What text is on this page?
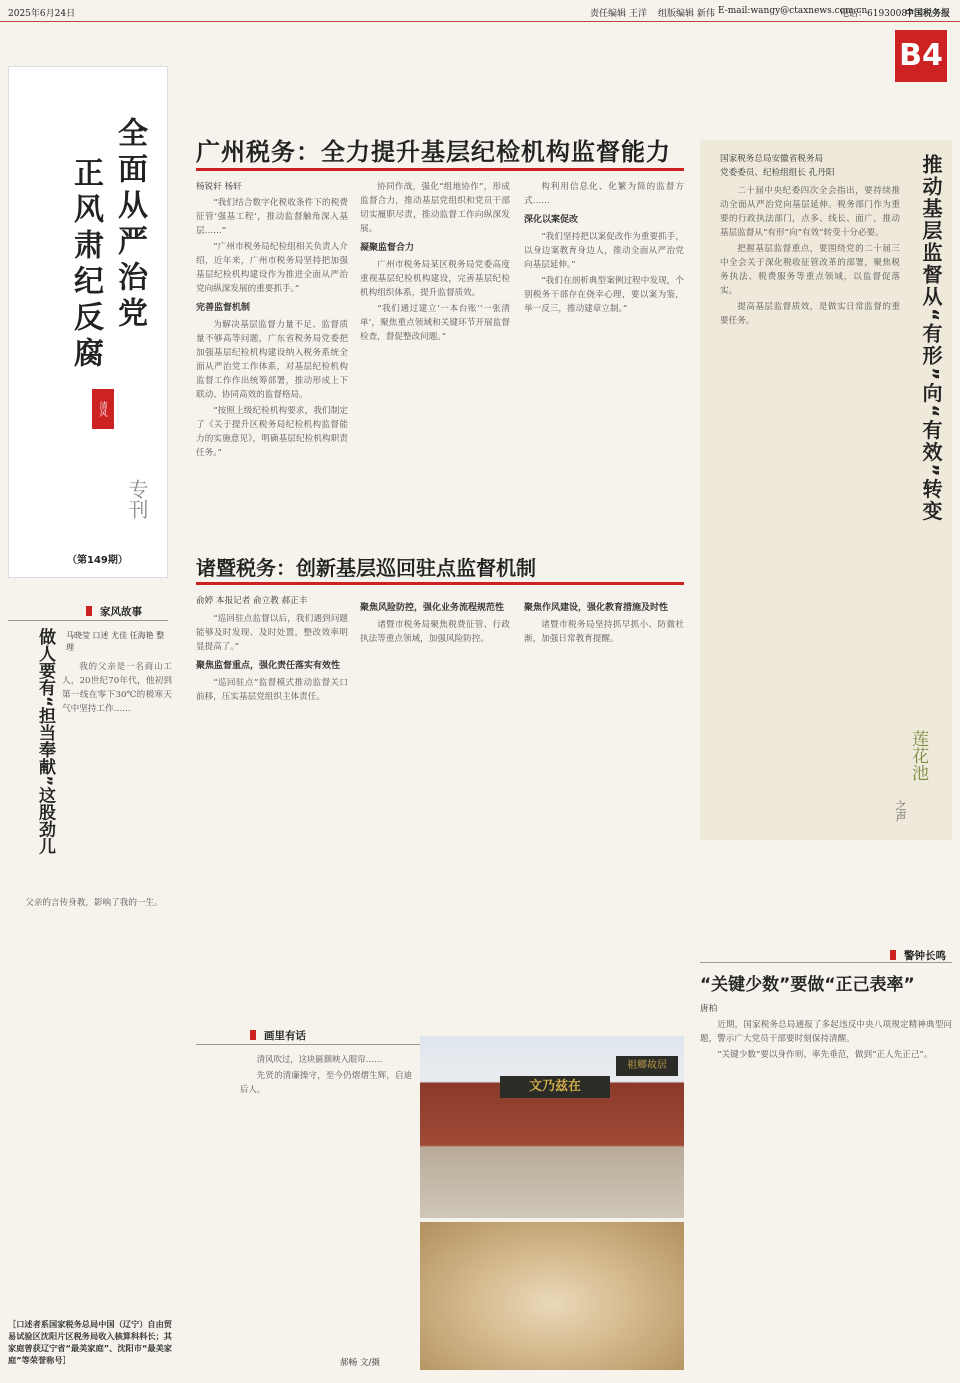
2025年6月24日	责任编辑 王洋 组版编辑 新伟 E-mail:wangy@ctaxnews.com.cn
电话：61930087
中国税务报
B4
全面从严治党
正风肃纪反腐
清风
专刊
（第149期）
广州税务：全力提升基层纪检机构监督能力
杨锐轩 杨轩

“我们结合数字化税收条件下的税费征管‘强基工程’，推动监督触角深入基层……”

“广州市税务局纪检组相关负责人介绍，近年来，广州市税务局坚持把加强基层纪检机构建设作为推进全面从严治党向纵深发展的重要抓手。”

完善监督机制

为解决基层监督力量不足、监督质量不够高等问题，广东省税务局党委把加强基层纪检机构建设纳入税务系统全面从严治党工作体系，对基层纪检机构监督工作作出统筹部署，推动形成上下联动、协同高效的监督格局。

“按照上级纪检机构要求，我们制定了《关于提升区税务局纪检机构监督能力的实施意见》，明确基层纪检机构职责任务。”

协同作战，强化“组地协作”，形成监督合力，推动基层党组织和党员干部切实履职尽责，推动监督工作向纵深发展。

凝聚监督合力

广州市税务局某区税务局党委高度重视基层纪检机构建设，完善基层纪检机构组织体系，提升监督质效。

“我们通过建立‘一本台账’‘一张清单’，聚焦重点领域和关键环节开展监督检查，督促整改问题。”

构利用信息化、化繁为简的监督方式……

深化以案促改

“我们坚持把以案促改作为重要抓手，以身边案教育身边人，推动全面从严治党向基层延伸。”

“我们在剖析典型案例过程中发现，个别税务干部存在侥幸心理，要以案为鉴，举一反三，推动建章立制。”

国家税务总局安徽省税务局
党委委员、纪检组组长 孔丹阳

二十届中央纪委四次全会指出，要持续推动全面从严治党向基层延伸。税务部门作为重要的行政执法部门，点多、线长、面广，推动基层监督从“有形”向“有效”转变十分必要。

把握基层监督重点，要围绕党的二十届三中全会关于深化税收征管改革的部署，聚焦税务执法、税费服务等重点领域，以监督促落实。

提高基层监督质效，是做实日常监督的重要任务。	推动基层监督从“有形”向“有效”转变
莲花池
之声
诸暨税务：创新基层巡回驻点监督机制
俞婷 本报记者 俞立教 郝正丰

“巡回驻点监督以后，我们遇到问题能够及时发现、及时处置，整改效率明显提高了。”

聚焦监督重点，强化责任落实有效性

“巡回驻点”监督模式推动监督关口前移，压实基层党组织主体责任。

聚焦风险防控，强化业务流程规范性

诸暨市税务局聚焦税费征管、行政执法等重点领域，加强风险防控。

聚焦作风建设，强化教育措施及时性

诸暨市税务局坚持抓早抓小、防微杜渐，加强日常教育提醒。

家风故事
做人要有“担当奉献”这股劲儿 马晓莹 口述 尤佳 任海艳 整理

我的父亲是一名商山工人，20世纪70年代，他初到第一线在零下30℃的极寒天气中坚持工作……

父亲的言传身教，影响了我的一生。

［口述者系国家税务总局中国（辽宁）自由贸易试验区沈阳片区税务局收入核算科科长；其家庭曾获辽宁省“最美家庭”、沈阳市“最美家庭”等荣誉称号］
画里有话
文乃兹在
祖鄉故居

清风吹过，这块匾额映入眼帘……

先贤的清廉操守，至今仍熠熠生辉，启迪后人。

郝畅 文/摄
警钟长鸣
“关键少数”要做“正己表率”
唐柏

近期，国家税务总局通报了多起违反中央八项规定精神典型问题，警示广大党员干部要时刻保持清醒。

“关键少数”要以身作则、率先垂范，做到“正人先正己”。
